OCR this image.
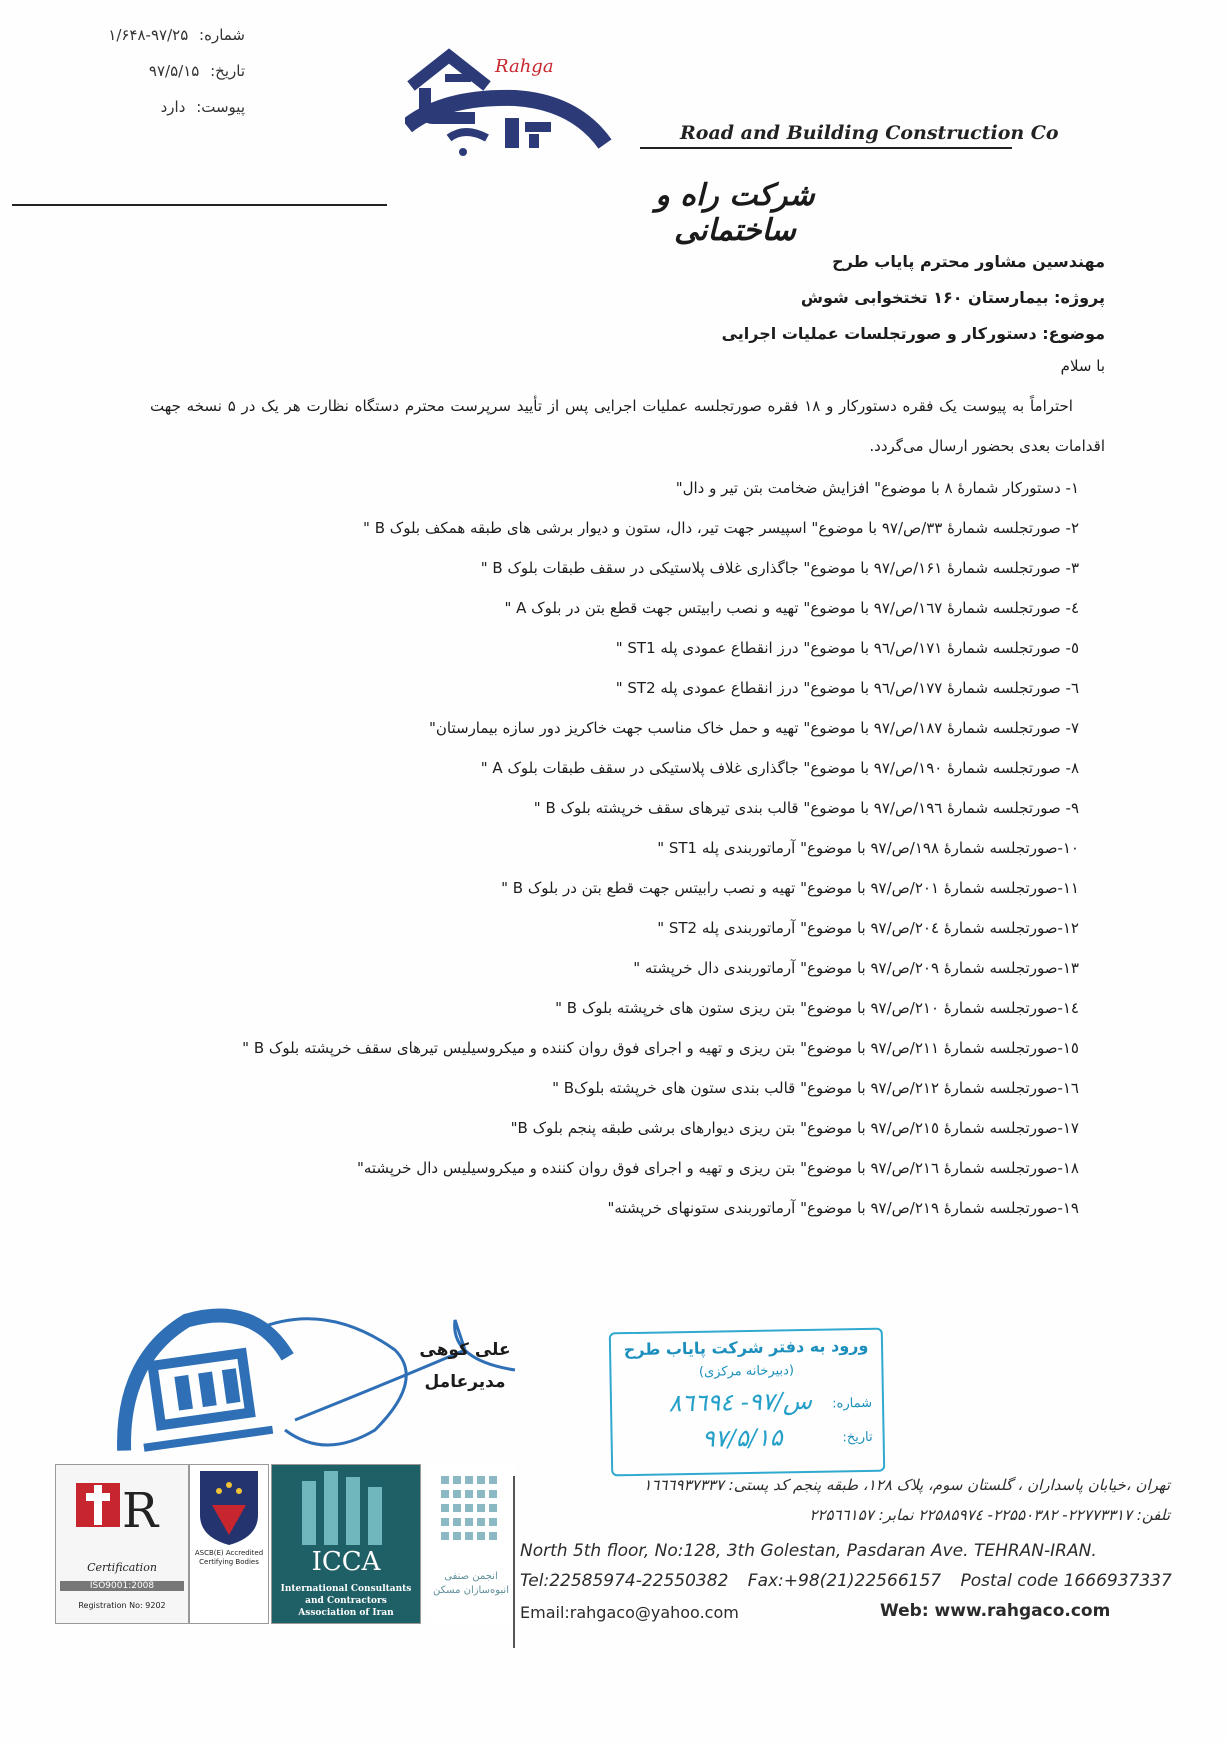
شماره: ۹۷/۲۵-۱/۶۴۸
تاریخ: ۹۷/۵/۱۵
پیوست: دارد

Rahga

Road and Building Construction Co

شرکت راه و ساختمانی

مهندسین مشاور محترم پایاب طرح

پروژه: بیمارستان ۱۶۰ تختخوابی شوش

موضوع: دستورکار و صورتجلسات عملیات اجرایی

با سلام

احتراماً به پیوست یک فقره دستورکار و ۱۸ فقره صورتجلسه عملیات اجرایی پس از تأیید سرپرست محترم دستگاه نظارت هر یک در ۵ نسخه جهت اقدامات بعدی بحضور ارسال می‌گردد.

۱- دستورکار شمارهٔ ۸ با موضوع" افزایش ضخامت بتن تیر و دال"
۲- صورتجلسه شمارهٔ ۳۳/ص/۹۷ با موضوع" اسپیسر جهت تیر، دال، ستون و دیوار برشی های طبقه همکف بلوک B "
۳- صورتجلسه شمارهٔ ۱۶۱/ص/۹۷ با موضوع" جاگذاری غلاف پلاستیکی در سقف طبقات بلوک B "
٤- صورتجلسه شمارهٔ ۱٦٧/ص/۹۷ با موضوع" تهیه و نصب رابیتس جهت قطع بتن در بلوک A "
٥- صورتجلسه شمارهٔ ۱۷۱/ص/۹٦ با موضوع" درز انقطاع عمودی پله ST1 "
٦- صورتجلسه شمارهٔ ۱۷۷/ص/۹٦ با موضوع" درز انقطاع عمودی پله ST2 "
۷- صورتجلسه شمارهٔ ۱۸۷/ص/۹۷ با موضوع" تهیه و حمل خاک مناسب جهت خاکریز دور سازه بیمارستان"
۸- صورتجلسه شمارهٔ ۱۹۰/ص/۹۷ با موضوع" جاگذاری غلاف پلاستیکی در سقف طبقات بلوک A "
۹- صورتجلسه شمارهٔ ۱۹٦/ص/۹۷ با موضوع" قالب بندی تیرهای سقف خرپشته بلوک B "
۱۰-صورتجلسه شمارهٔ ۱۹۸/ص/۹۷ با موضوع" آرماتوربندی پله ST1 "
۱۱-صورتجلسه شمارهٔ ۲۰۱/ص/۹۷ با موضوع" تهیه و نصب رابیتس جهت قطع بتن در بلوک B "
۱۲-صورتجلسه شمارهٔ ۲۰٤/ص/۹۷ با موضوع" آرماتوربندی پله ST2 "
۱۳-صورتجلسه شمارهٔ ۲۰۹/ص/۹۷ با موضوع" آرماتوربندی دال خرپشته "
۱٤-صورتجلسه شمارهٔ ۲۱۰/ص/۹۷ با موضوع" بتن ریزی ستون های خرپشته بلوک B "
۱٥-صورتجلسه شمارهٔ ۲۱۱/ص/۹۷ با موضوع" بتن ریزی و تهیه و اجرای فوق روان کننده و میکروسیلیس تیرهای سقف خرپشته بلوک B "
۱٦-صورتجلسه شمارهٔ ۲۱۲/ص/۹۷ با موضوع" قالب بندی ستون های خرپشته بلوکB "
۱۷-صورتجلسه شمارهٔ ۲۱٥/ص/۹۷ با موضوع" بتن ریزی دیوارهای برشی طبقه پنجم بلوک B"
۱۸-صورتجلسه شمارهٔ ۲۱٦/ص/۹۷ با موضوع" بتن ریزی و تهیه و اجرای فوق روان کننده و میکروسیلیس دال خرپشته"
۱۹-صورتجلسه شمارهٔ ۲۱۹/ص/۹۷ با موضوع" آرماتوربندی ستونهای خرپشته"

علی کوهی

مدیرعامل

ورود به دفتر شرکت پایاب طرح

(دبیرخانه مرکزی)

شماره:

۸٦٦۹٤ -۹۷/س

تاریخ:

۹۷/۵/۱۵

R

Certification

ISO9001:2008

Registration No: 9202

ASCB(E) Accredited Certifying Bodies	ICCA

International Consultants and Contractors Association of Iran

انجمن صنفی انبوه‌سازان مسکن

تهران ،خیابان پاسداران ، گلستان سوم، پلاک ۱۲۸، طبقه پنجم کد پستی: ۱٦٦٦۹۳۷۳۳۷
تلفن: ۲۲۷۷۳۳۱۷- ۲۲۵۵۰۳۸۲- ۲۲۵۸۵۹۷٤ نمابر: ۲۲۵٦٦۱۵۷

North 5th floor, No:128, 3th Golestan, Pasdaran Ave. TEHRAN-IRAN.

Tel:22585974-22550382 Fax:+98(21)22566157 Postal code 1666937337

Email:rahgaco@yahoo.com	Web: www.rahgaco.com
